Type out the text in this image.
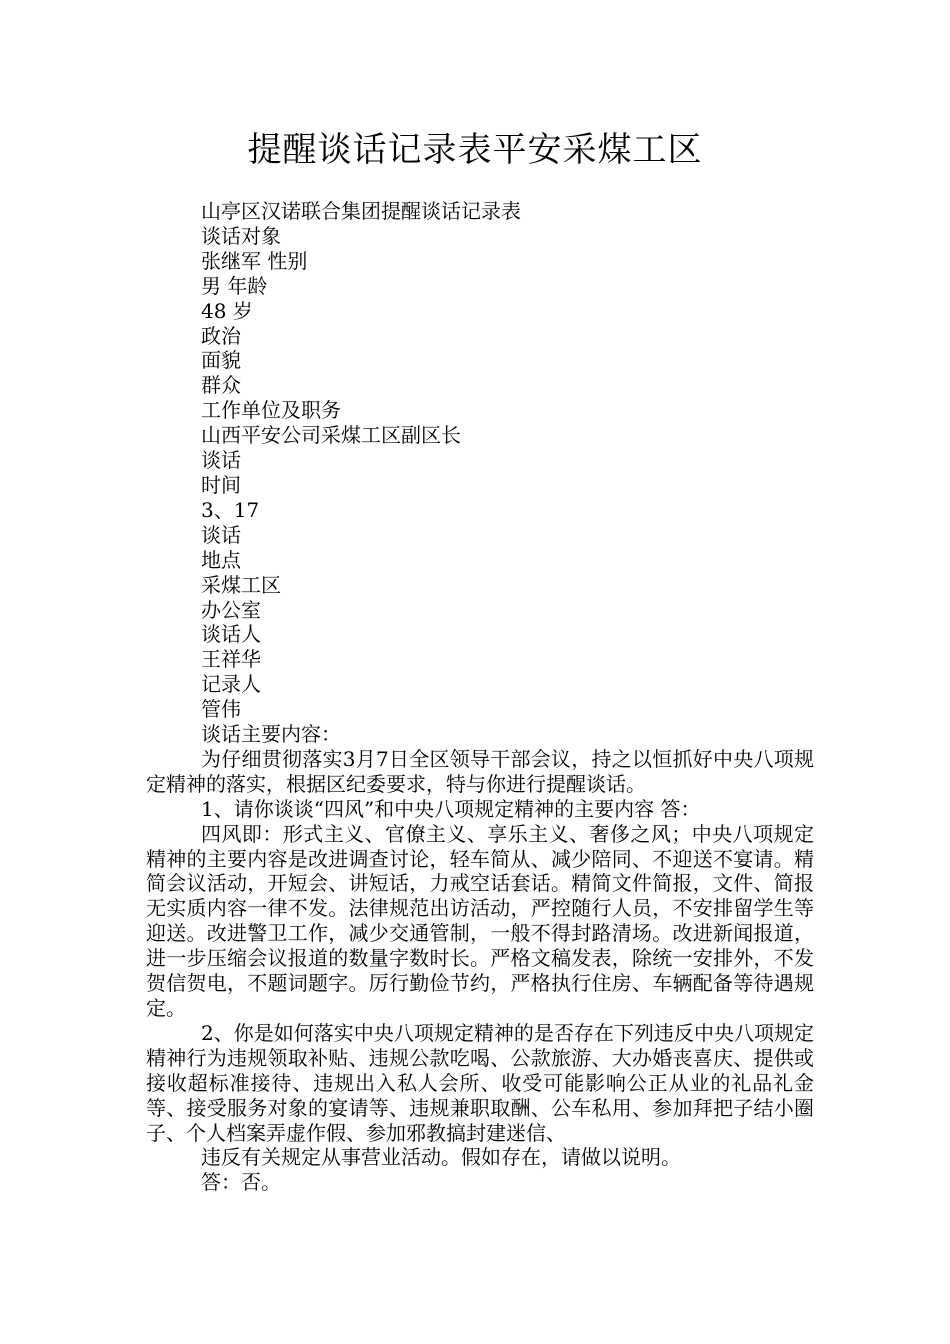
提醒谈话记录表平安采煤工区
山亭区汉诺联合集团提醒谈话记录表
谈话对象
张继军 性别
男 年龄
48 岁
政治
面貌
群众
工作单位及职务
山西平安公司采煤工区副区长
谈话
时间
3、17
谈话
地点
采煤工区
办公室
谈话人
王祥华
记录人
管伟
谈话主要内容：

为仔细贯彻落实3月7日全区领导干部会议，持之以恒抓好中央八项规定精神的落实，根据区纪委要求，特与你进行提醒谈话。

1、请你谈谈“四风”和中央八项规定精神的主要内容 答：

四风即：形式主义、官僚主义、享乐主义、奢侈之风；中央八项规定精神的主要内容是改进调查讨论，轻车简从、减少陪同、不迎送不宴请。精简会议活动，开短会、讲短话，力戒空话套话。精简文件简报，文件、简报无实质内容一律不发。法律规范出访活动，严控随行人员，不安排留学生等迎送。改进警卫工作，减少交通管制，一般不得封路清场。改进新闻报道，进一步压缩会议报道的数量字数时长。严格文稿发表，除统一安排外，不发贺信贺电，不题词题字。厉行勤俭节约，严格执行住房、车辆配备等待遇规定。

2、你是如何落实中央八项规定精神的是否存在下列违反中央八项规定精神行为违规领取补贴、违规公款吃喝、公款旅游、大办婚丧喜庆、提供或接收超标准接待、违规出入私人会所、收受可能影响公正从业的礼品礼金等、接受服务对象的宴请等、违规兼职取酬、公车私用、参加拜把子结小圈子、个人档案弄虚作假、参加邪教搞封建迷信、

违反有关规定从事营业活动。假如存在，请做以说明。
答：否。
